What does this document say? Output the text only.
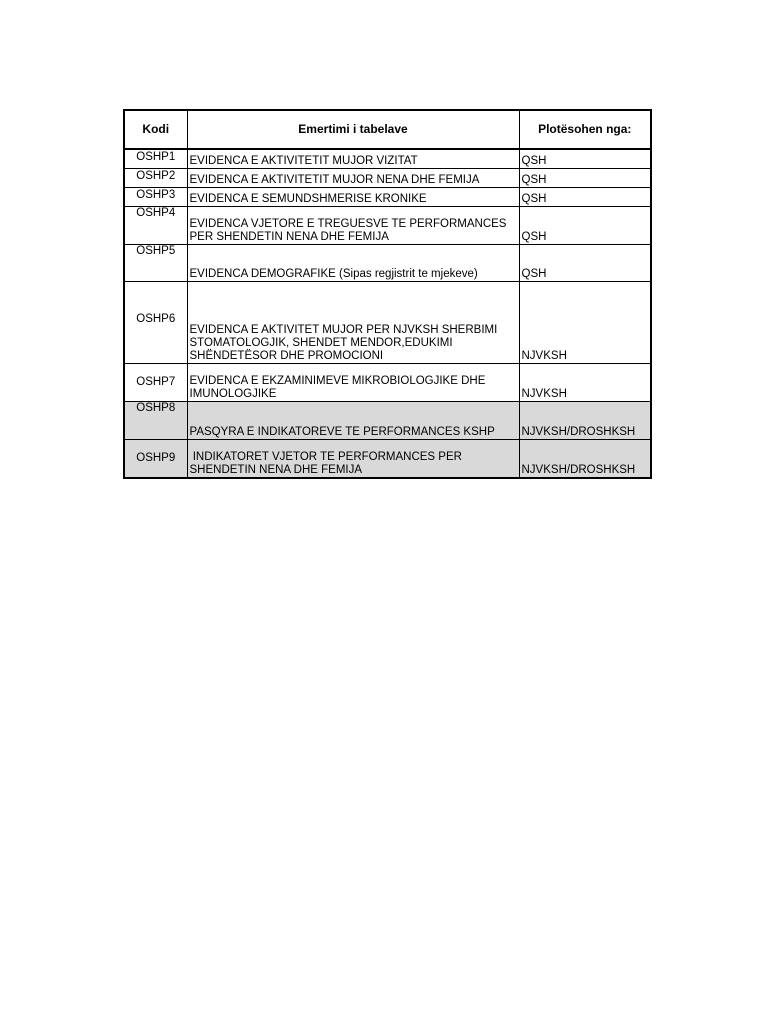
Kodi	Emertimi i tabelave	Plotësohen nga:
OSHP1	EVIDENCA E AKTIVITETIT MUJOR VIZITAT	QSH
OSHP2	EVIDENCA E AKTIVITETIT MUJOR NENA DHE FEMIJA	QSH
OSHP3	EVIDENCA E SEMUNDSHMERISE KRONIKE	QSH
OSHP4	EVIDENCA VJETORE E TREGUESVE TE PERFORMANCES PER SHENDETIN NENA DHE FEMIJA	QSH
OSHP5	EVIDENCA DEMOGRAFIKE (Sipas regjistrit te mjekeve)	QSH
OSHP6	EVIDENCA E AKTIVITET MUJOR PER NJVKSH SHERBIMI STOMATOLOGJIK, SHENDET MENDOR,EDUKIMI SHËNDETËSOR DHE PROMOCIONI	NJVKSH
OSHP7	EVIDENCA E EKZAMINIMEVE MIKROBIOLOGJIKE DHE IMUNOLOGJIKE	NJVKSH
OSHP8	PASQYRA E INDIKATOREVE TE PERFORMANCES KSHP	NJVKSH/DROSHKSH
OSHP9	INDIKATORET VJETOR TE PERFORMANCES PER SHENDETIN NENA DHE FEMIJA	NJVKSH/DROSHKSH
